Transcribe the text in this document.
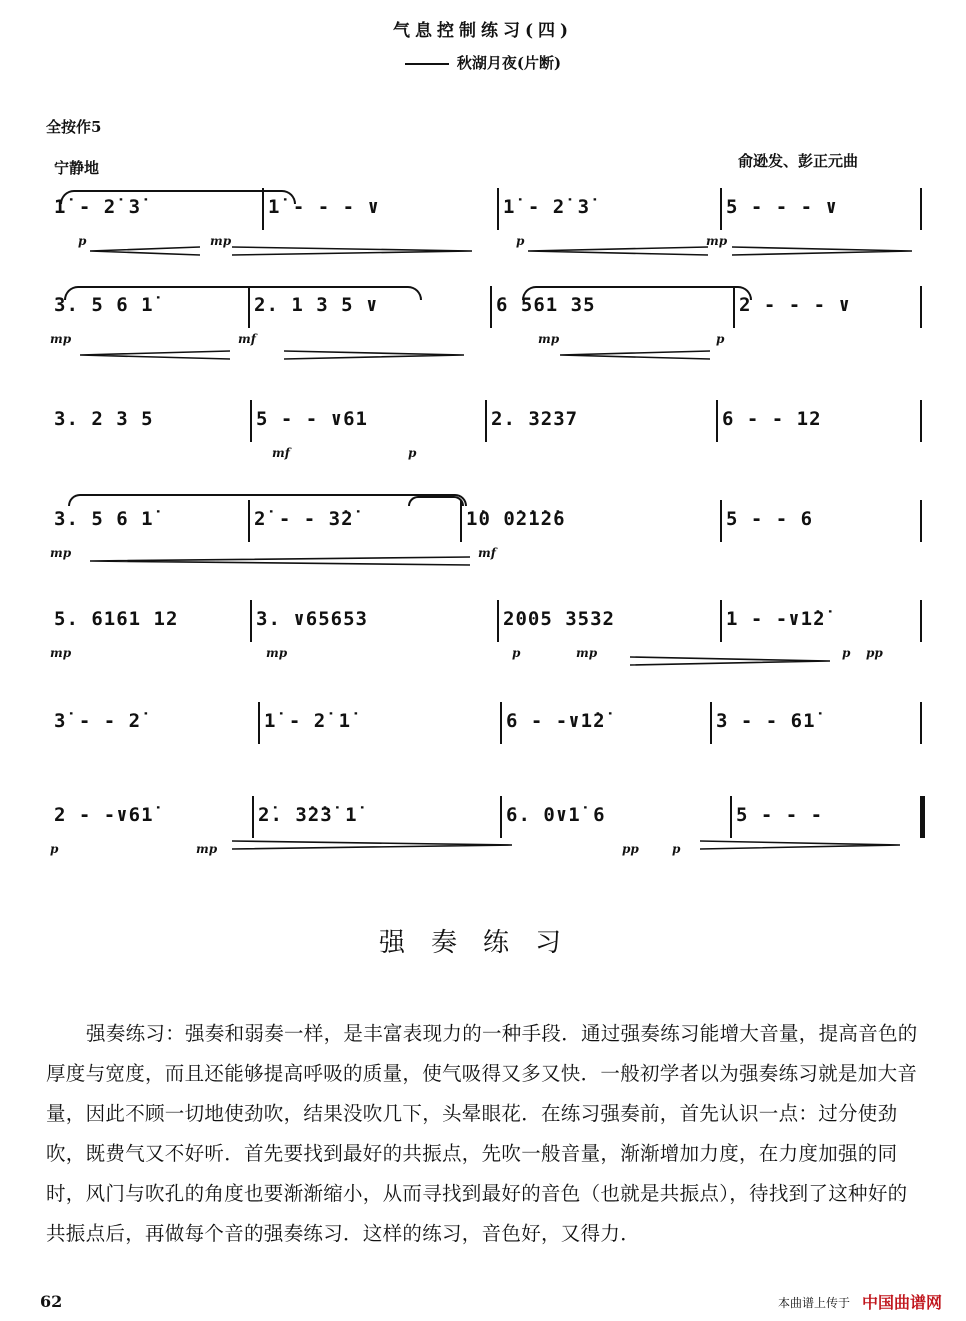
气息控制练习(四)
秋湖月夜(片断)
全按作5
宁静地	俞逊发、彭正元曲
1̇ - 2̇ 3̇	1̇ - - - ∨	1̇ - 2̇ 3̇	5 - - - ∨
p	mp	p	mp
3. 5 6 1̇	2. 1 3 5 ∨	6 561 35	2 - - - ∨
mp	mf	mp	p
3. 2 3 5	5 - - ∨61	2. 3237	6 - - 12
mf	p
3. 5 6 1̇	2̇ - - 3̇2̇	1̇0 0̇2̇1̇2̇6	5 - - 6
mp	mf
5. 6161 12	3. ∨65653	2005 3532	1 - -∨1̇2̇
mp	mp	p	mp	p pp
3̇ - - 2̇	1̇ - 2̇ 1̇	6 - -∨1̇2̇	3 - - 61̇
2 - -∨61̇	2̇. 3̇2̇3̇ 1̇	6. 0∨1̇ 6	5 - - -
p	mp	pp	p
强奏练习
强奏练习：强奏和弱奏一样，是丰富表现力的一种手段．通过强奏练习能增大音量，提高音色的厚度与宽度，而且还能够提高呼吸的质量，使气吸得又多又快．一般初学者以为强奏练习就是加大音量，因此不顾一切地使劲吹，结果没吹几下，头晕眼花．在练习强奏前，首先认识一点：过分使劲吹，既费气又不好听．首先要找到最好的共振点，先吹一般音量，渐渐增加力度，在力度加强的同时，风门与吹孔的角度也要渐渐缩小，从而寻找到最好的音色（也就是共振点），待找到了这种好的共振点后，再做每个音的强奏练习．这样的练习，音色好，又得力．
62	本曲谱上传于 中国曲谱网
